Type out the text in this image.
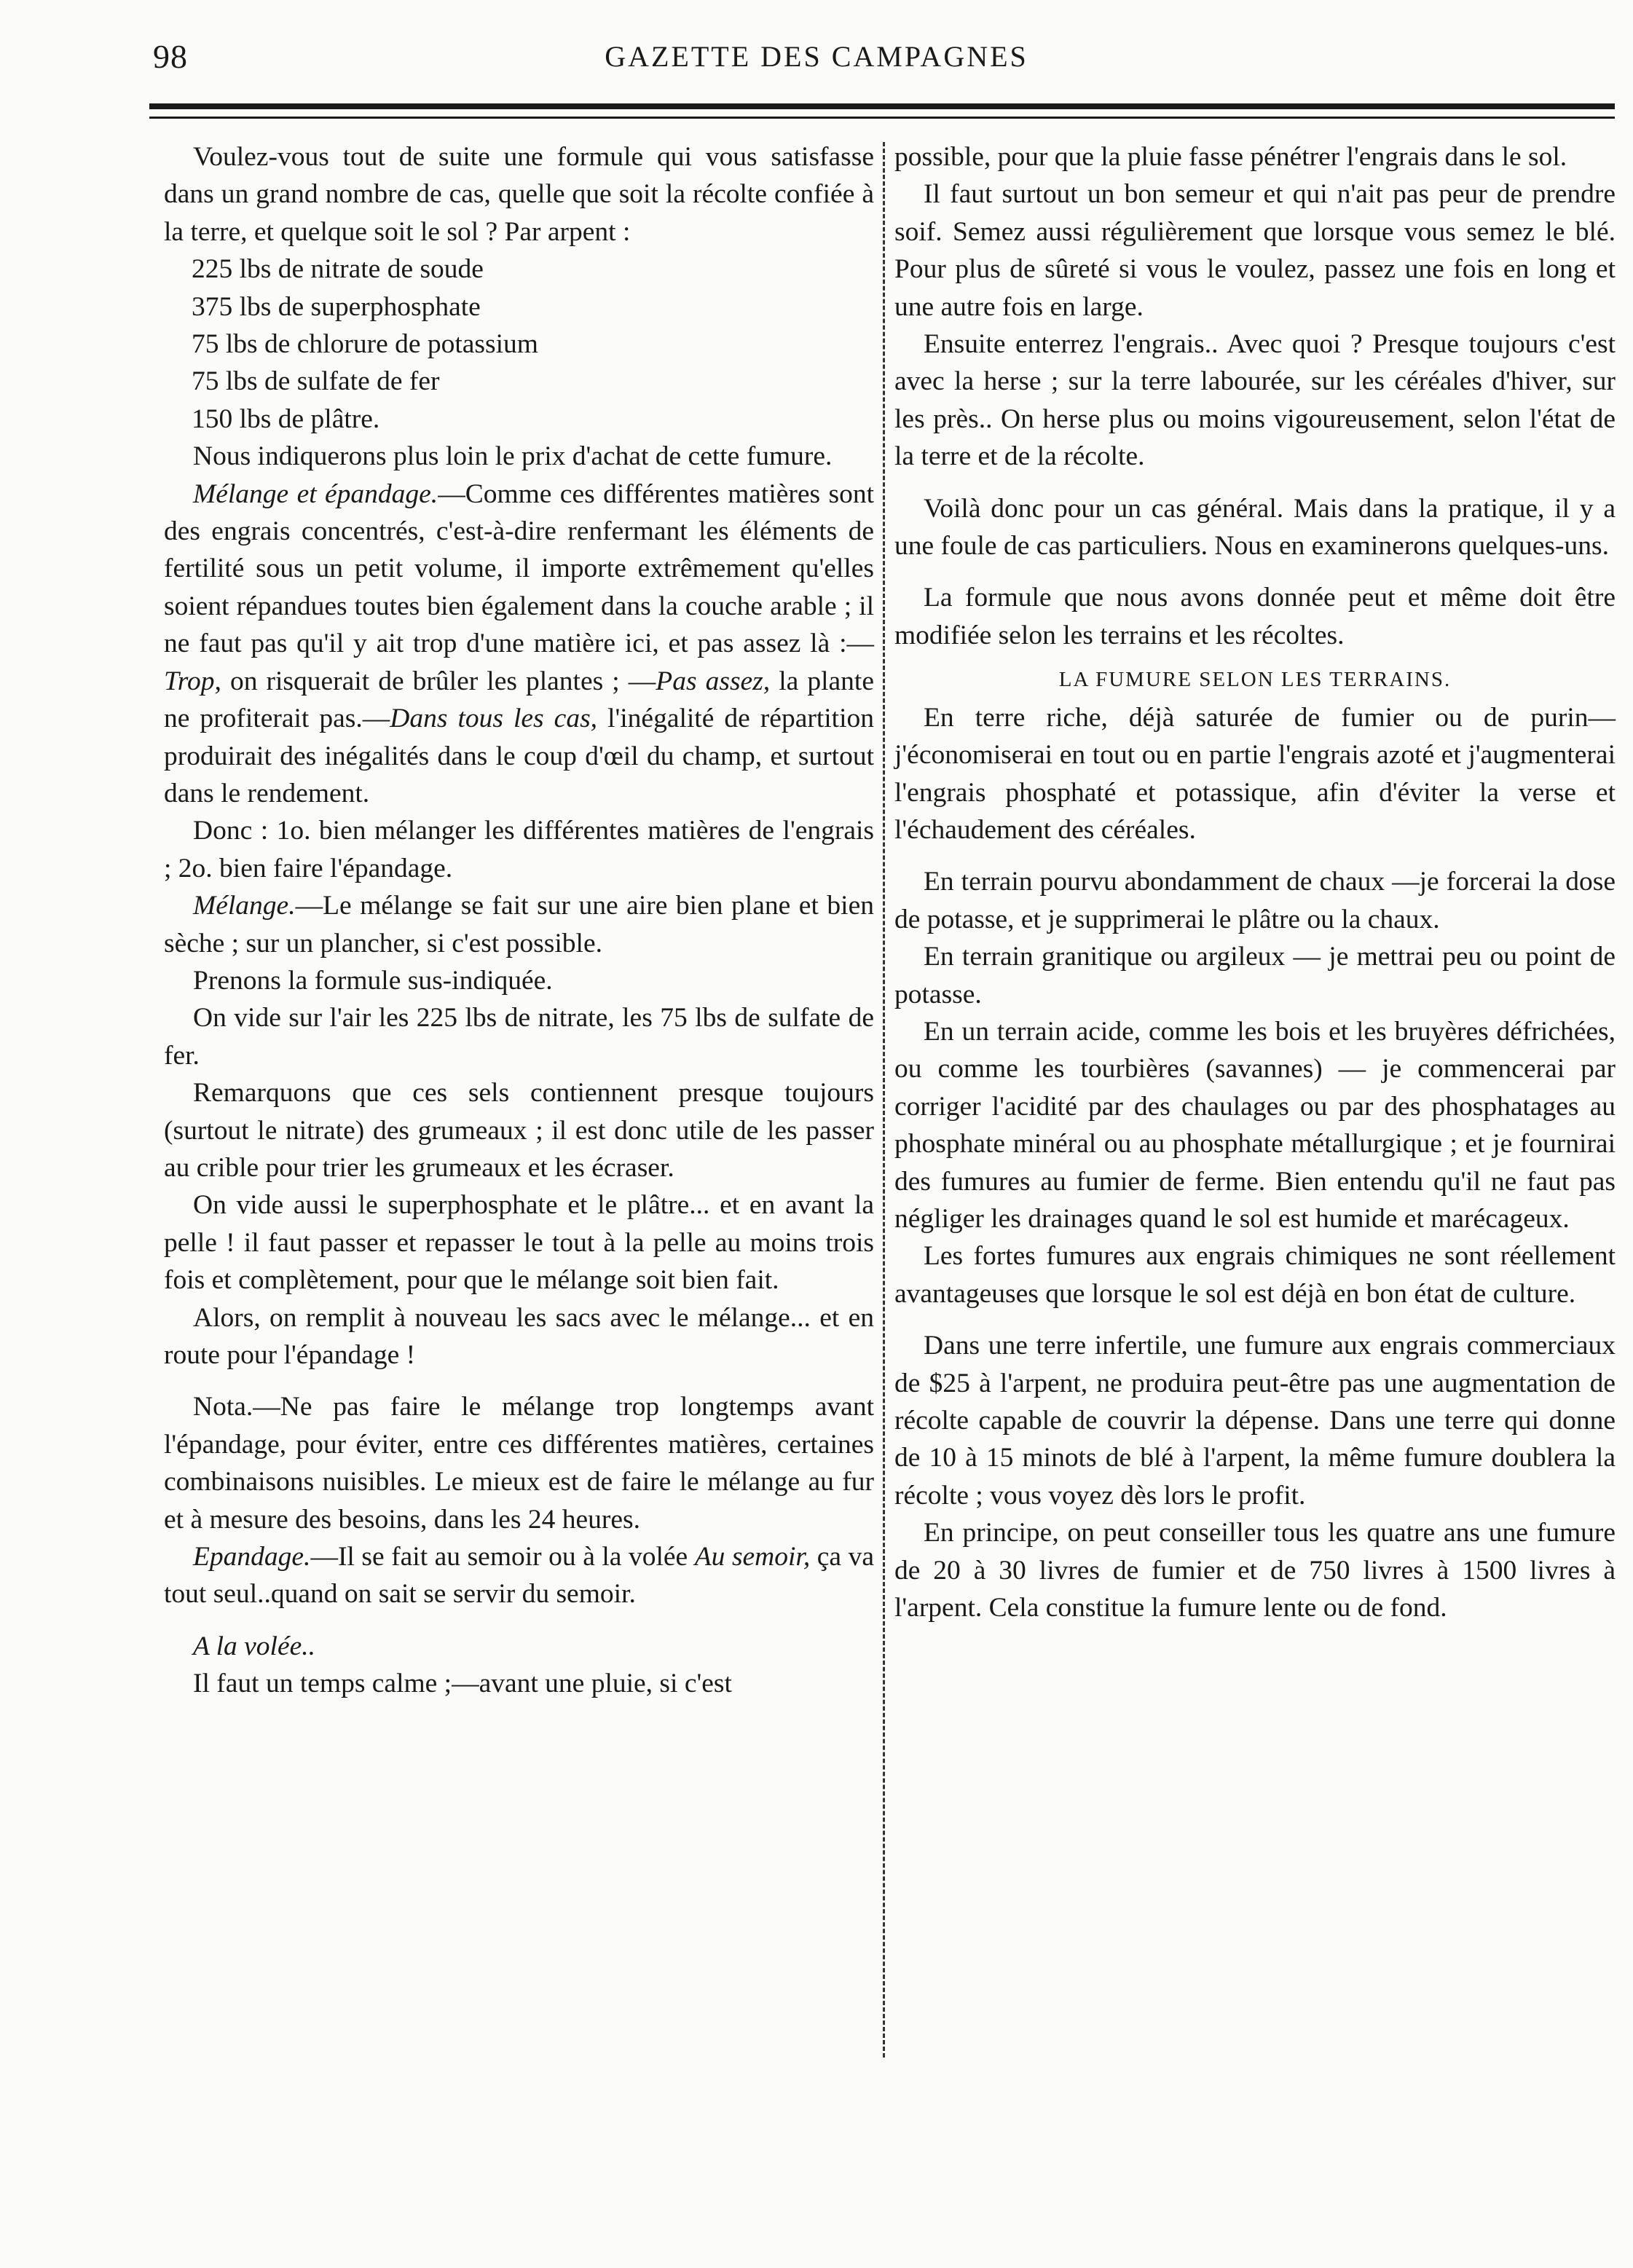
98	GAZETTE DES CAMPAGNES

Voulez-vous tout de suite une formule qui vous satisfasse dans un grand nombre de cas, quelle que soit la récolte confiée à la terre, et quelque soit le sol ? Par arpent :

225 lbs de nitrate de soude

375 lbs de superphosphate

75 lbs de chlorure de potassium

75 lbs de sulfate de fer

150 lbs de plâtre.

Nous indiquerons plus loin le prix d'achat de cette fumure.

Mélange et épandage.—Comme ces différentes matières sont des engrais concentrés, c'est-à-dire renfermant les éléments de fertilité sous un petit volume, il importe extrêmement qu'elles soient répandues toutes bien également dans la couche arable ; il ne faut pas qu'il y ait trop d'une matière ici, et pas assez là :—Trop, on risquerait de brûler les plantes ; —Pas assez, la plante ne profiterait pas.—Dans tous les cas, l'inégalité de répartition produirait des inégalités dans le coup d'œil du champ, et surtout dans le rendement.

Donc : 1o. bien mélanger les différentes matières de l'engrais ; 2o. bien faire l'épandage.

Mélange.—Le mélange se fait sur une aire bien plane et bien sèche ; sur un plancher, si c'est possible.

Prenons la formule sus-indiquée.

On vide sur l'air les 225 lbs de nitrate, les 75 lbs de sulfate de fer.

Remarquons que ces sels contiennent presque toujours (surtout le nitrate) des grumeaux ; il est donc utile de les passer au crible pour trier les grumeaux et les écraser.

On vide aussi le superphosphate et le plâtre... et en avant la pelle ! il faut passer et repasser le tout à la pelle au moins trois fois et complètement, pour que le mélange soit bien fait.

Alors, on remplit à nouveau les sacs avec le mélange... et en route pour l'épandage !

Nota.—Ne pas faire le mélange trop longtemps avant l'épandage, pour éviter, entre ces différentes matières, certaines combinaisons nuisibles. Le mieux est de faire le mélange au fur et à mesure des besoins, dans les 24 heures.

Epandage.—Il se fait au semoir ou à la volée Au semoir, ça va tout seul..quand on sait se servir du semoir.

A la volée..

Il faut un temps calme ;—avant une pluie, si c'est

possible, pour que la pluie fasse pénétrer l'engrais dans le sol.

Il faut surtout un bon semeur et qui n'ait pas peur de prendre soif. Semez aussi régulièrement que lorsque vous semez le blé. Pour plus de sûreté si vous le voulez, passez une fois en long et une autre fois en large.

Ensuite enterrez l'engrais.. Avec quoi ? Presque toujours c'est avec la herse ; sur la terre labourée, sur les céréales d'hiver, sur les près.. On herse plus ou moins vigoureusement, selon l'état de la terre et de la récolte.

Voilà donc pour un cas général. Mais dans la pratique, il y a une foule de cas particuliers. Nous en examinerons quelques-uns.

La formule que nous avons donnée peut et même doit être modifiée selon les terrains et les récoltes.

LA FUMURE SELON LES TERRAINS.

En terre riche, déjà saturée de fumier ou de purin—j'économiserai en tout ou en partie l'engrais azoté et j'augmenterai l'engrais phosphaté et potassique, afin d'éviter la verse et l'échaudement des céréales.

En terrain pourvu abondamment de chaux —je forcerai la dose de potasse, et je supprimerai le plâtre ou la chaux.

En terrain granitique ou argileux — je mettrai peu ou point de potasse.

En un terrain acide, comme les bois et les bruyères défrichées, ou comme les tourbières (savannes) — je commencerai par corriger l'acidité par des chaulages ou par des phosphatages au phosphate minéral ou au phosphate métallurgique ; et je fournirai des fumures au fumier de ferme. Bien entendu qu'il ne faut pas négliger les drainages quand le sol est humide et marécageux.

Les fortes fumures aux engrais chimiques ne sont réellement avantageuses que lorsque le sol est déjà en bon état de culture.

Dans une terre infertile, une fumure aux engrais commerciaux de $25 à l'arpent, ne produira peut-être pas une augmentation de récolte capable de couvrir la dépense. Dans une terre qui donne de 10 à 15 minots de blé à l'arpent, la même fumure doublera la récolte ; vous voyez dès lors le profit.

En principe, on peut conseiller tous les quatre ans une fumure de 20 à 30 livres de fumier et de 750 livres à 1500 livres à l'arpent. Cela constitue la fumure lente ou de fond.
